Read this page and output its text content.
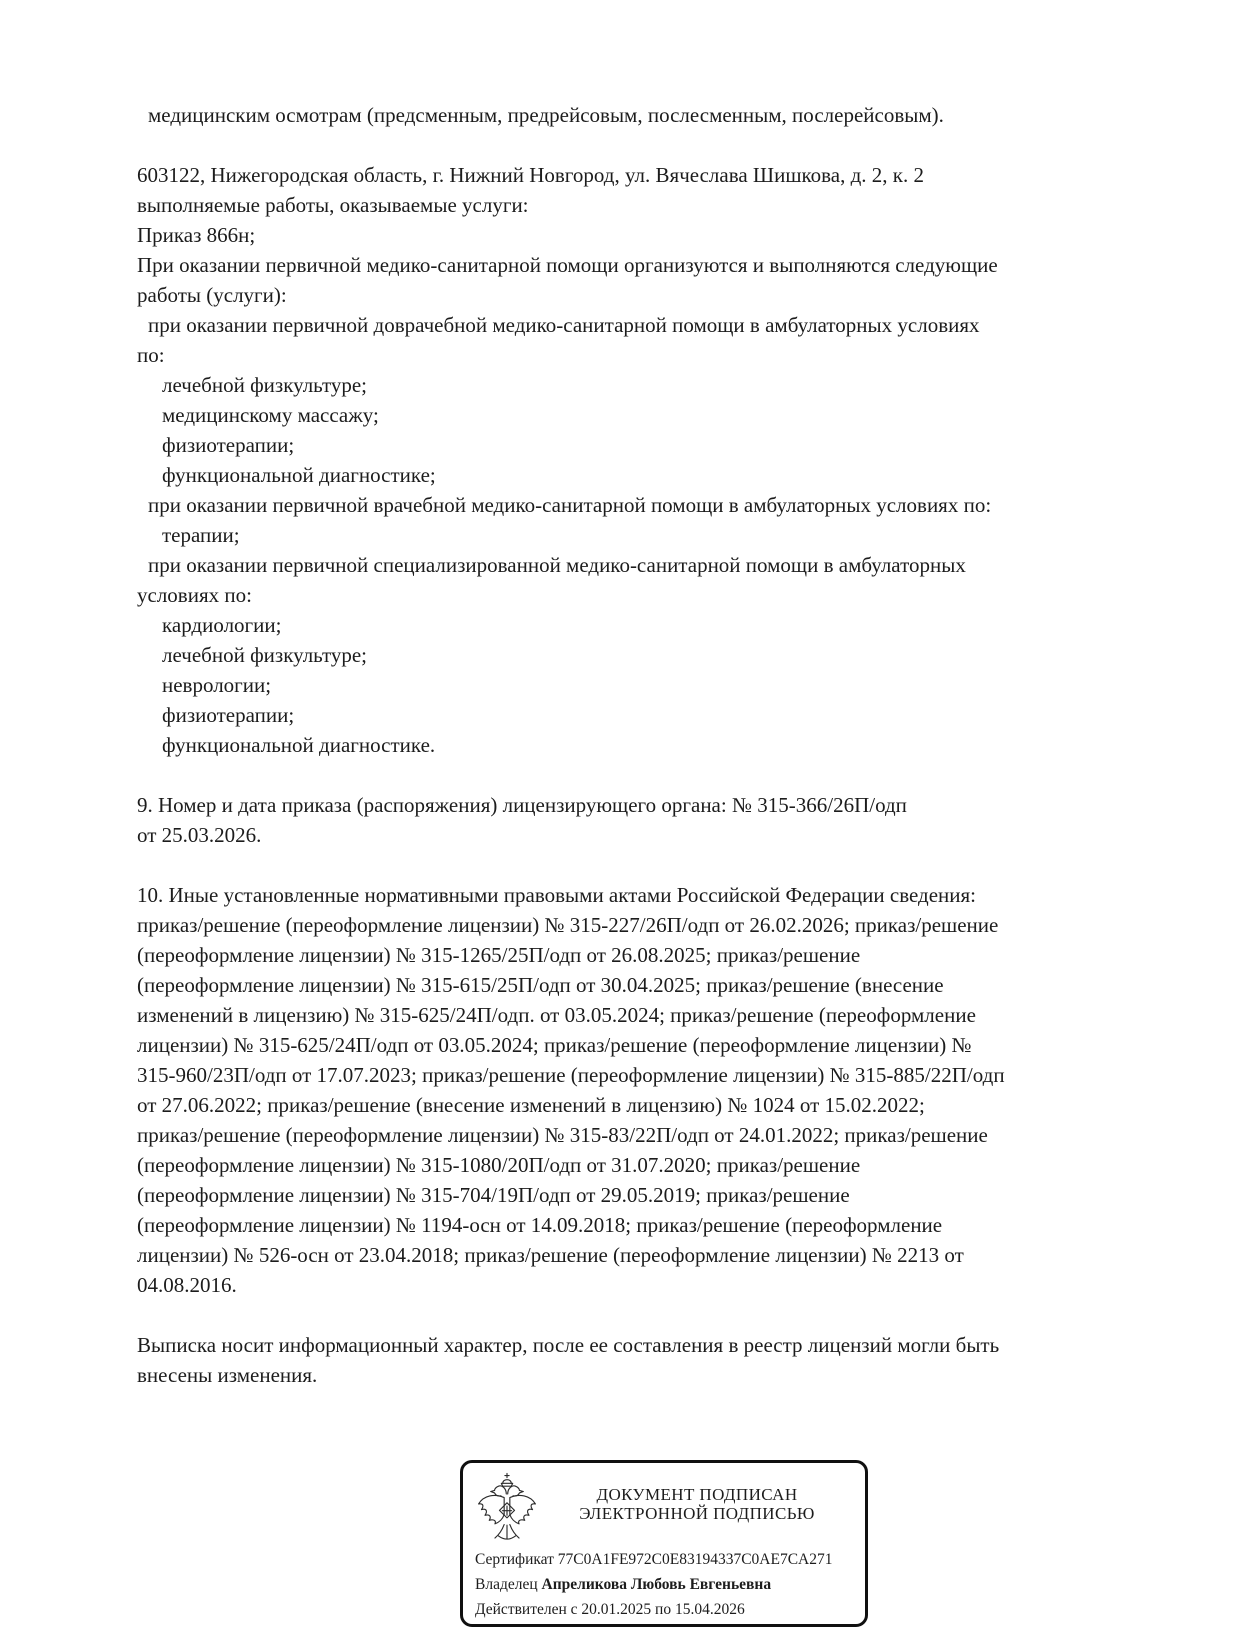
медицинским осмотрам (предсменным, предрейсовым, послесменным, послерейсовым).
603122, Нижегородская область, г. Нижний Новгород, ул. Вячеслава Шишкова, д. 2, к. 2
выполняемые работы, оказываемые услуги:
Приказ 866н;
При оказании первичной медико-санитарной помощи организуются и выполняются следующие
работы (услуги):
при оказании первичной доврачебной медико-санитарной помощи в амбулаторных условиях
по:
лечебной физкультуре;
медицинскому массажу;
физиотерапии;
функциональной диагностике;
при оказании первичной врачебной медико-санитарной помощи в амбулаторных условиях по:
терапии;
при оказании первичной специализированной медико-санитарной помощи в амбулаторных
условиях по:
кардиологии;
лечебной физкультуре;
неврологии;
физиотерапии;
функциональной диагностике.
9. Номер и дата приказа (распоряжения) лицензирующего органа: № 315-366/26П/одп
от 25.03.2026.
10. Иные установленные нормативными правовыми актами Российской Федерации сведения:
приказ/решение (переоформление лицензии) № 315-227/26П/одп от 26.02.2026; приказ/решение
(переоформление лицензии) № 315-1265/25П/одп от 26.08.2025; приказ/решение
(переоформление лицензии) № 315-615/25П/одп от 30.04.2025; приказ/решение (внесение
изменений в лицензию) № 315-625/24П/одп. от 03.05.2024; приказ/решение (переоформление
лицензии) № 315-625/24П/одп от 03.05.2024; приказ/решение (переоформление лицензии) №
315-960/23П/одп от 17.07.2023; приказ/решение (переоформление лицензии) № 315-885/22П/одп
от 27.06.2022; приказ/решение (внесение изменений в лицензию) № 1024 от 15.02.2022;
приказ/решение (переоформление лицензии) № 315-83/22П/одп от 24.01.2022; приказ/решение
(переоформление лицензии) № 315-1080/20П/одп от 31.07.2020; приказ/решение
(переоформление лицензии) № 315-704/19П/одп от 29.05.2019; приказ/решение
(переоформление лицензии) № 1194-осн от 14.09.2018; приказ/решение (переоформление
лицензии) № 526-осн от 23.04.2018; приказ/решение (переоформление лицензии) № 2213 от
04.08.2016.
Выписка носит информационный характер, после ее составления в реестр лицензий могли быть
внесены изменения.
ДОКУМЕНТ ПОДПИСАН
ЭЛЕКТРОННОЙ ПОДПИСЬЮ
Сертификат 77C0A1FE972C0E83194337C0AE7CA271
Владелец Апреликова Любовь Евгеньевна
Действителен с 20.01.2025 по 15.04.2026
